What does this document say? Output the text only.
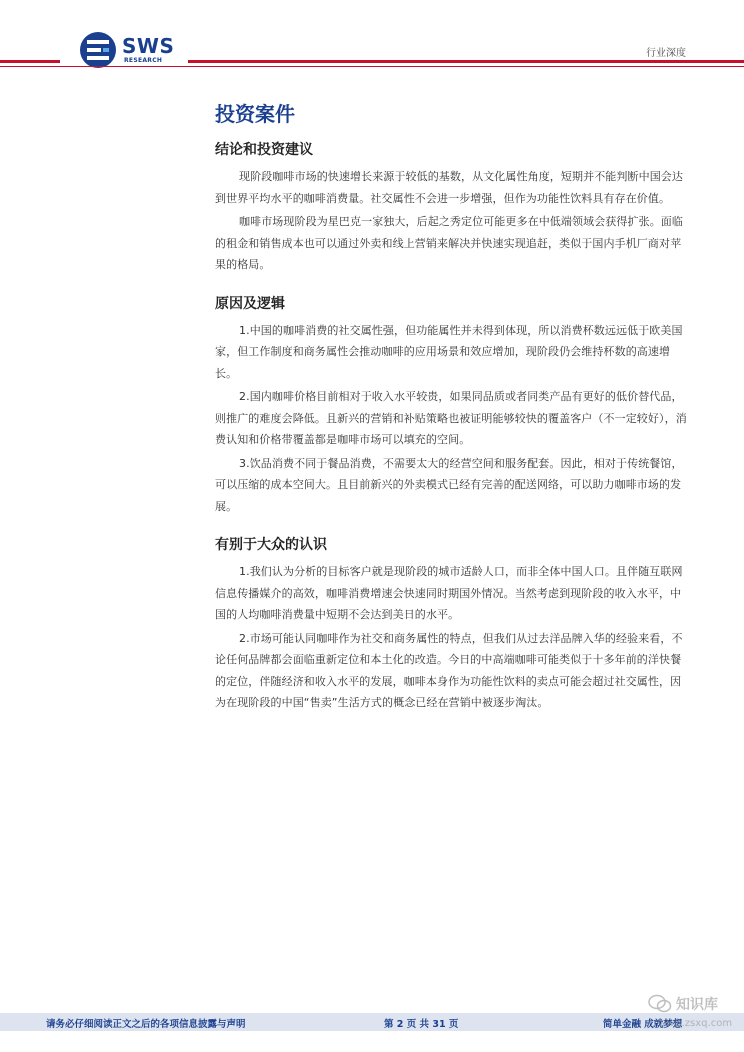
SWS
RESEARCH
行业深度
投资案件
结论和投资建议

现阶段咖啡市场的快速增长来源于较低的基数，从文化属性角度，短期并不能判断中国会达到世界平均水平的咖啡消费量。社交属性不会进一步增强，但作为功能性饮料具有存在价值。

咖啡市场现阶段为星巴克一家独大，后起之秀定位可能更多在中低端领域会获得扩张。面临的租金和销售成本也可以通过外卖和线上营销来解决并快速实现追赶，类似于国内手机厂商对苹果的格局。

原因及逻辑

1.中国的咖啡消费的社交属性强，但功能属性并未得到体现，所以消费杯数远远低于欧美国家，但工作制度和商务属性会推动咖啡的应用场景和效应增加，现阶段仍会维持杯数的高速增长。

2.国内咖啡价格目前相对于收入水平较贵，如果同品质或者同类产品有更好的低价替代品，则推广的难度会降低。且新兴的营销和补贴策略也被证明能够较快的覆盖客户（不一定较好），消费认知和价格带覆盖都是咖啡市场可以填充的空间。

3.饮品消费不同于餐品消费，不需要太大的经营空间和服务配套。因此，相对于传统餐馆，可以压缩的成本空间大。且目前新兴的外卖模式已经有完善的配送网络，可以助力咖啡市场的发展。

有别于大众的认识

1.我们认为分析的目标客户就是现阶段的城市适龄人口，而非全体中国人口。且伴随互联网信息传播媒介的高效，咖啡消费增速会快速同时期国外情况。当然考虑到现阶段的收入水平，中国的人均咖啡消费量中短期不会达到美日的水平。

2.市场可能认同咖啡作为社交和商务属性的特点，但我们从过去洋品牌入华的经验来看，不论任何品牌都会面临重新定位和本土化的改造。今日的中高端咖啡可能类似于十多年前的洋快餐的定位，伴随经济和收入水平的发展，咖啡本身作为功能性饮料的卖点可能会超过社交属性，因为在现阶段的中国“售卖”生活方式的概念已经在营销中被逐步淘汰。

请务必仔细阅读正文之后的各项信息披露与声明	第 2 页 共 31 页	简单金融 成就梦想
知识库
www.zsxq.com
